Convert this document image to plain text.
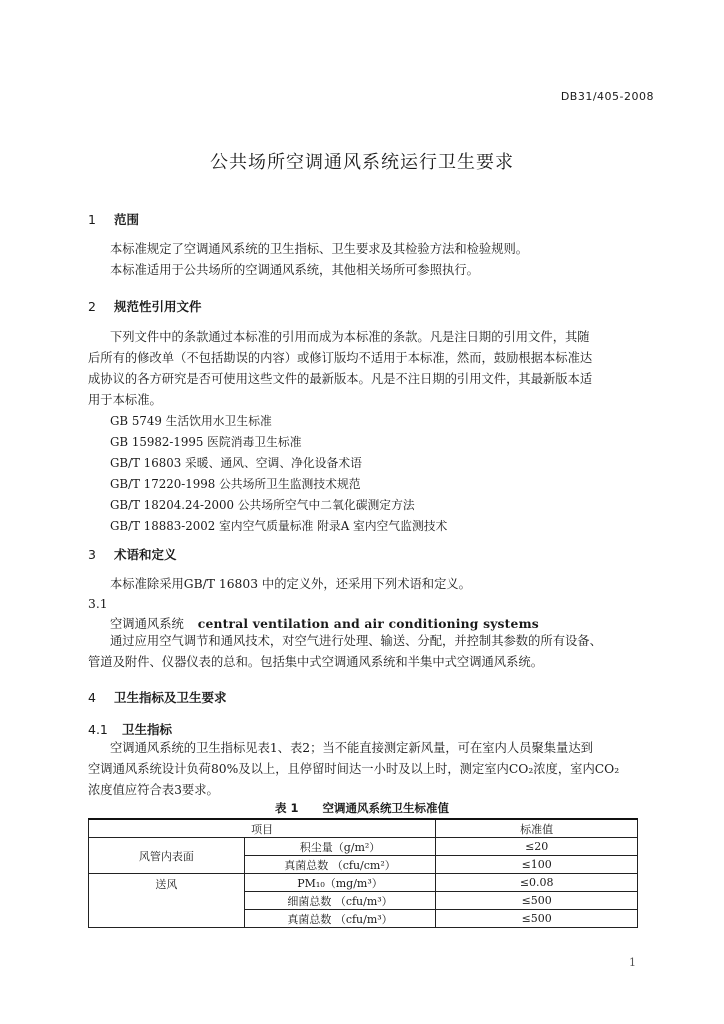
DB31/405-2008
公共场所空调通风系统运行卫生要求
1 范围
本标准规定了空调通风系统的卫生指标、卫生要求及其检验方法和检验规则。
本标准适用于公共场所的空调通风系统，其他相关场所可参照执行。
2 规范性引用文件
下列文件中的条款通过本标准的引用而成为本标准的条款。凡是注日期的引用文件，其随
后所有的修改单（不包括勘误的内容）或修订版均不适用于本标准，然而，鼓励根据本标准达
成协议的各方研究是否可使用这些文件的最新版本。凡是不注日期的引用文件，其最新版本适
用于本标准。
GB 5749 生活饮用水卫生标准
GB 15982-1995 医院消毒卫生标准
GB/T 16803 采暖、通风、空调、净化设备术语
GB/T 17220-1998 公共场所卫生监测技术规范
GB/T 18204.24-2000 公共场所空气中二氧化碳测定方法
GB/T 18883-2002 室内空气质量标准 附录A 室内空气监测技术
3 术语和定义
本标准除采用GB/T 16803 中的定义外，还采用下列术语和定义。
3.1
空调通风系统 central ventilation and air conditioning systems
通过应用空气调节和通风技术，对空气进行处理、输送、分配，并控制其参数的所有设备、
管道及附件、仪器仪表的总和。包括集中式空调通风系统和半集中式空调通风系统。
4 卫生指标及卫生要求
4.1 卫生指标
空调通风系统的卫生指标见表1、表2；当不能直接测定新风量，可在室内人员聚集量达到
空调通风系统设计负荷80%及以上，且停留时间达一小时及以上时，测定室内CO₂浓度，室内CO₂
浓度值应符合表3要求。
表 1 空调通风系统卫生标准值
项目		标准值
风管内表面	积尘量（g/m²）	≤20
	真菌总数 （cfu/cm²）	≤100
送风	PM₁₀（mg/m³）	≤0.08
	细菌总数 （cfu/m³）	≤500
	真菌总数 （cfu/m³）	≤500
1
